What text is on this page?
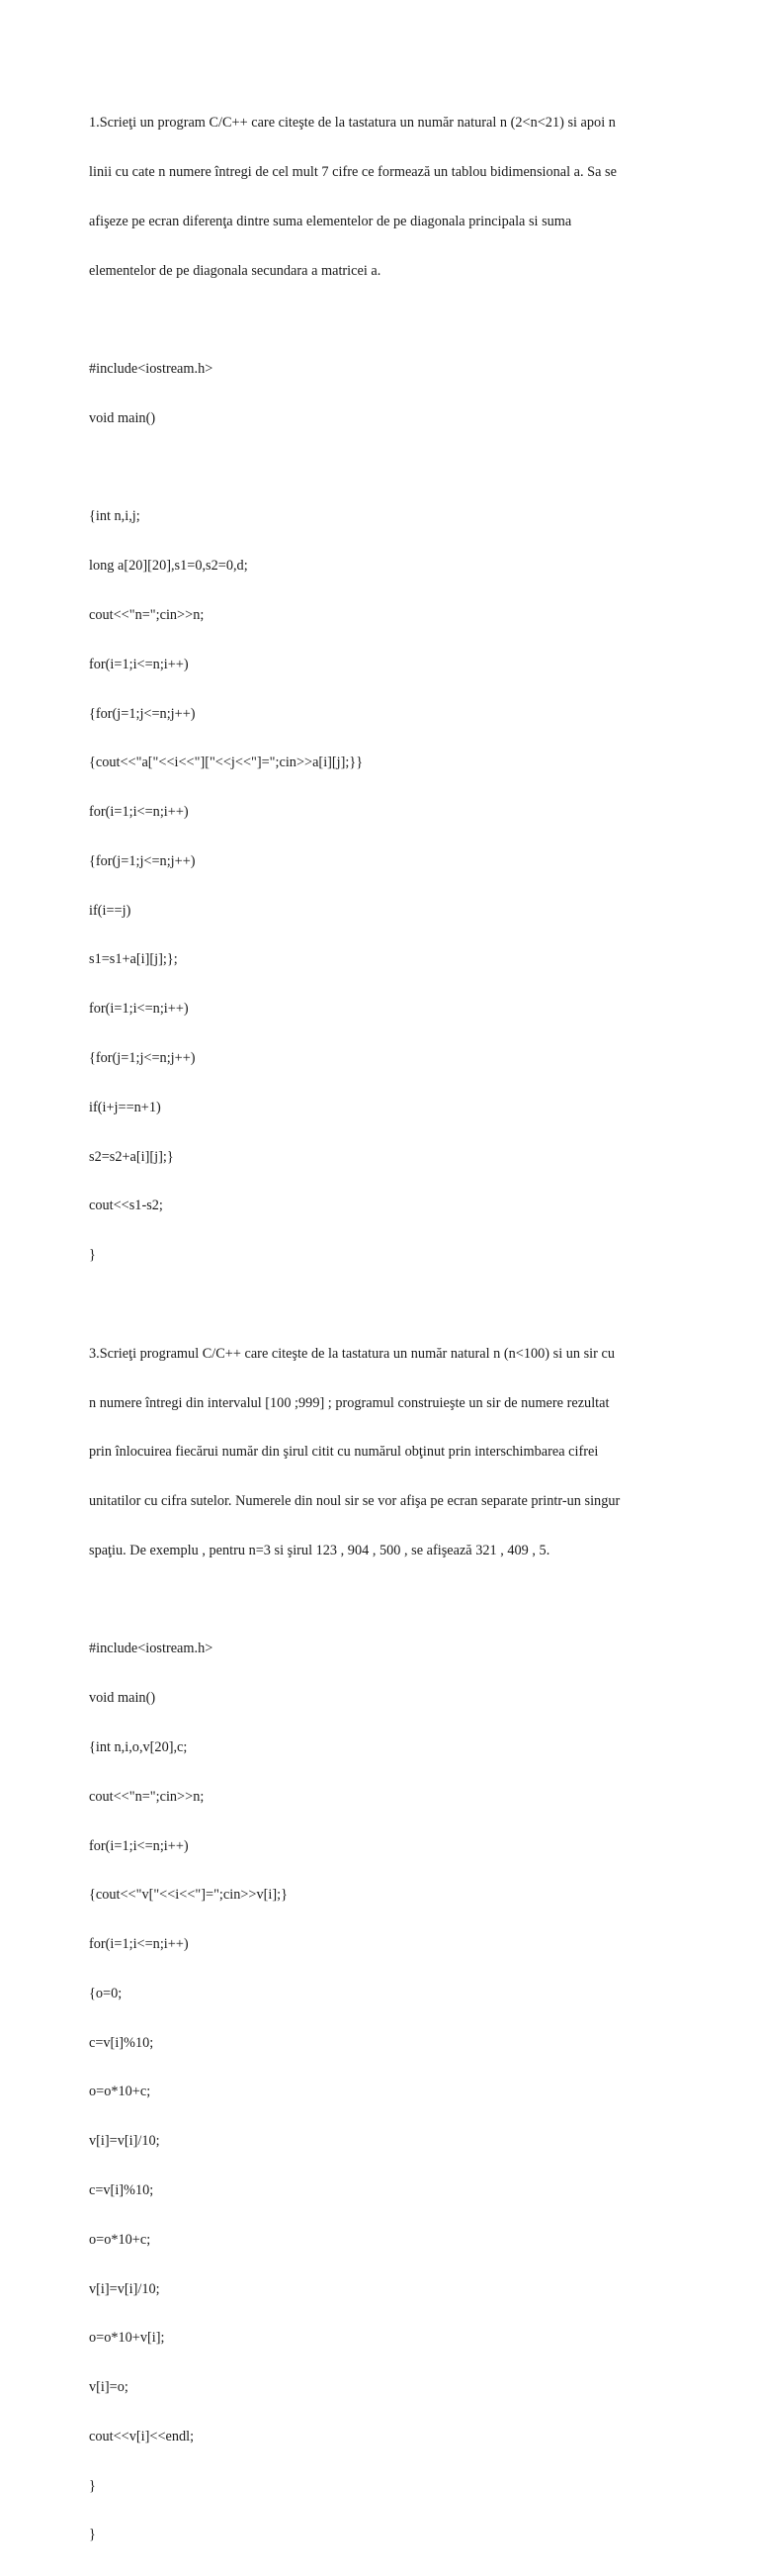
1.Scrieţi un program C/C++ care citeşte de la tastatura un număr natural n (2<n<21) si apoi n

linii cu cate n numere întregi de cel mult 7 cifre ce formează un tablou bidimensional a. Sa se

afişeze pe ecran diferenţa dintre suma elementelor de pe diagonala principala si suma

elementelor de pe diagonala secundara a matricei a.

#include<iostream.h>

void main()

{int n,i,j;

long a[20][20],s1=0,s2=0,d;

cout<<"n=";cin>>n;

for(i=1;i<=n;i++)

{for(j=1;j<=n;j++)

{cout<<"a["<<i<<"]["<<j<<"]=";cin>>a[i][j];}}

for(i=1;i<=n;i++)

{for(j=1;j<=n;j++)

if(i==j)

s1=s1+a[i][j];};

for(i=1;i<=n;i++)

{for(j=1;j<=n;j++)

if(i+j==n+1)

s2=s2+a[i][j];}

cout<<s1-s2;

}

3.Scrieţi programul C/C++ care citeşte de la tastatura un număr natural n (n<100) si un sir cu

n numere întregi din intervalul [100 ;999] ; programul construieşte un sir de numere rezultat

prin înlocuirea fiecărui număr din şirul citit cu numărul obţinut prin interschimbarea cifrei

unitatilor cu cifra sutelor. Numerele din noul sir se vor afişa pe ecran separate printr-un singur

spaţiu. De exemplu , pentru n=3 si şirul 123 , 904 , 500 , se afişează 321 , 409 , 5.

#include<iostream.h>

void main()

{int n,i,o,v[20],c;

cout<<"n=";cin>>n;

for(i=1;i<=n;i++)

{cout<<"v["<<i<<"]=";cin>>v[i];}

for(i=1;i<=n;i++)

{o=0;

c=v[i]%10;

o=o*10+c;

v[i]=v[i]/10;

c=v[i]%10;

o=o*10+c;

v[i]=v[i]/10;

o=o*10+v[i];

v[i]=o;

cout<<v[i]<<endl;

}

}
